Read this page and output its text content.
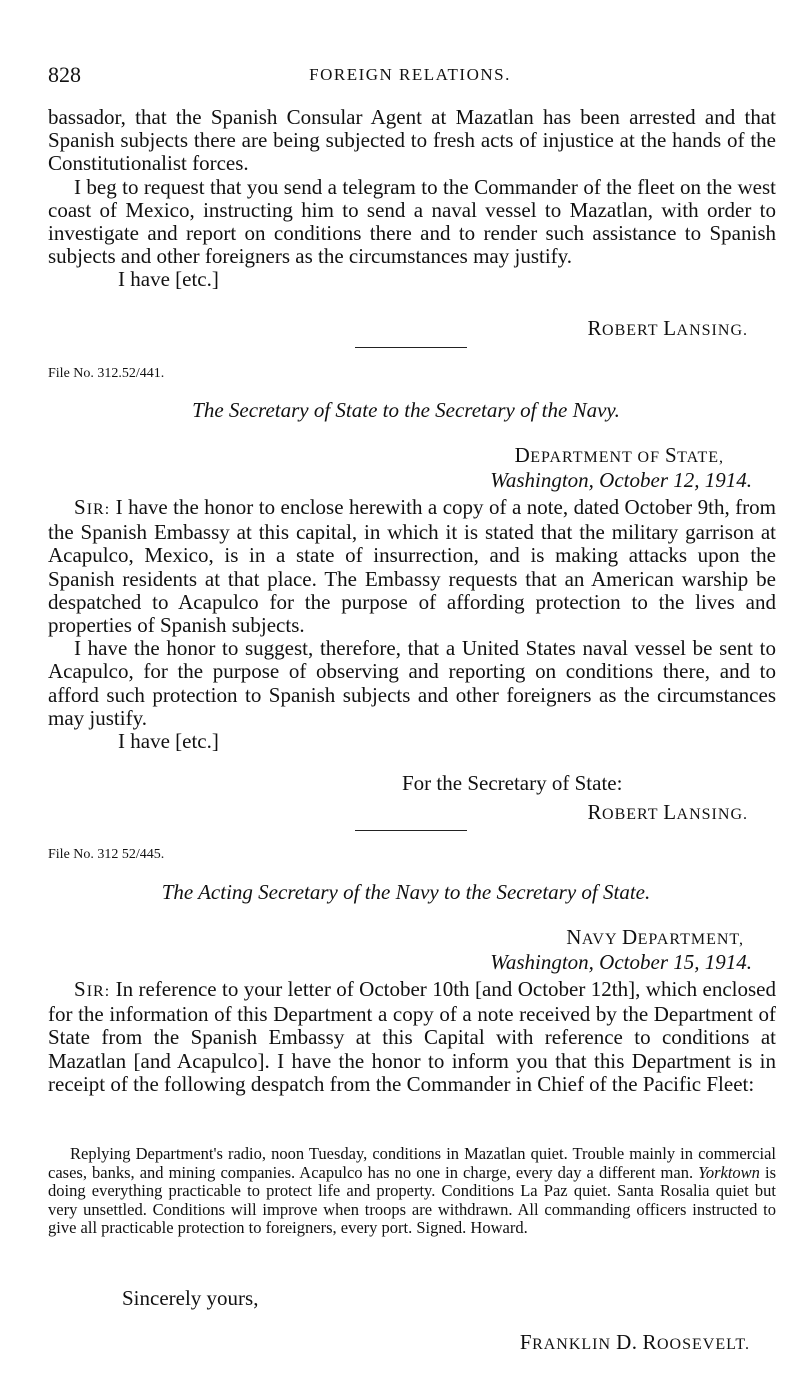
828	FOREIGN RELATIONS.

bassador, that the Spanish Consular Agent at Mazatlan has been arrested and that Spanish subjects there are being subjected to fresh acts of injustice at the hands of the Constitutionalist forces.

I beg to request that you send a telegram to the Commander of the fleet on the west coast of Mexico, instructing him to send a naval vessel to Mazatlan, with order to investigate and report on conditions there and to render such assistance to Spanish subjects and other foreigners as the circumstances may justify.

I have [etc.]

ROBERT LANSING.
File No. 312.52/441.
The Secretary of State to the Secretary of the Navy.
DEPARTMENT OF STATE,
Washington, October 12, 1914.

SIR: I have the honor to enclose herewith a copy of a note, dated October 9th, from the Spanish Embassy at this capital, in which it is stated that the military garrison at Acapulco, Mexico, is in a state of insurrection, and is making attacks upon the Spanish residents at that place. The Embassy requests that an American warship be despatched to Acapulco for the purpose of affording protection to the lives and properties of Spanish subjects.

I have the honor to suggest, therefore, that a United States naval vessel be sent to Acapulco, for the purpose of observing and reporting on conditions there, and to afford such protection to Spanish subjects and other foreigners as the circumstances may justify.

I have [etc.]

For the Secretary of State:
ROBERT LANSING.
File No. 312 52/445.
The Acting Secretary of the Navy to the Secretary of State.
NAVY DEPARTMENT,
Washington, October 15, 1914.

SIR: In reference to your letter of October 10th [and October 12th], which enclosed for the information of this Department a copy of a note received by the Department of State from the Spanish Embassy at this Capital with reference to conditions at Mazatlan [and Acapulco]. I have the honor to inform you that this Department is in receipt of the following despatch from the Commander in Chief of the Pacific Fleet:

Replying Department's radio, noon Tuesday, conditions in Mazatlan quiet. Trouble mainly in commercial cases, banks, and mining companies. Acapulco has no one in charge, every day a different man. Yorktown is doing everything practicable to protect life and property. Conditions La Paz quiet. Santa Rosalia quiet but very unsettled. Conditions will improve when troops are withdrawn. All commanding officers instructed to give all practicable protection to foreigners, every port. Signed. Howard.

Sincerely yours,
FRANKLIN D. ROOSEVELT.
